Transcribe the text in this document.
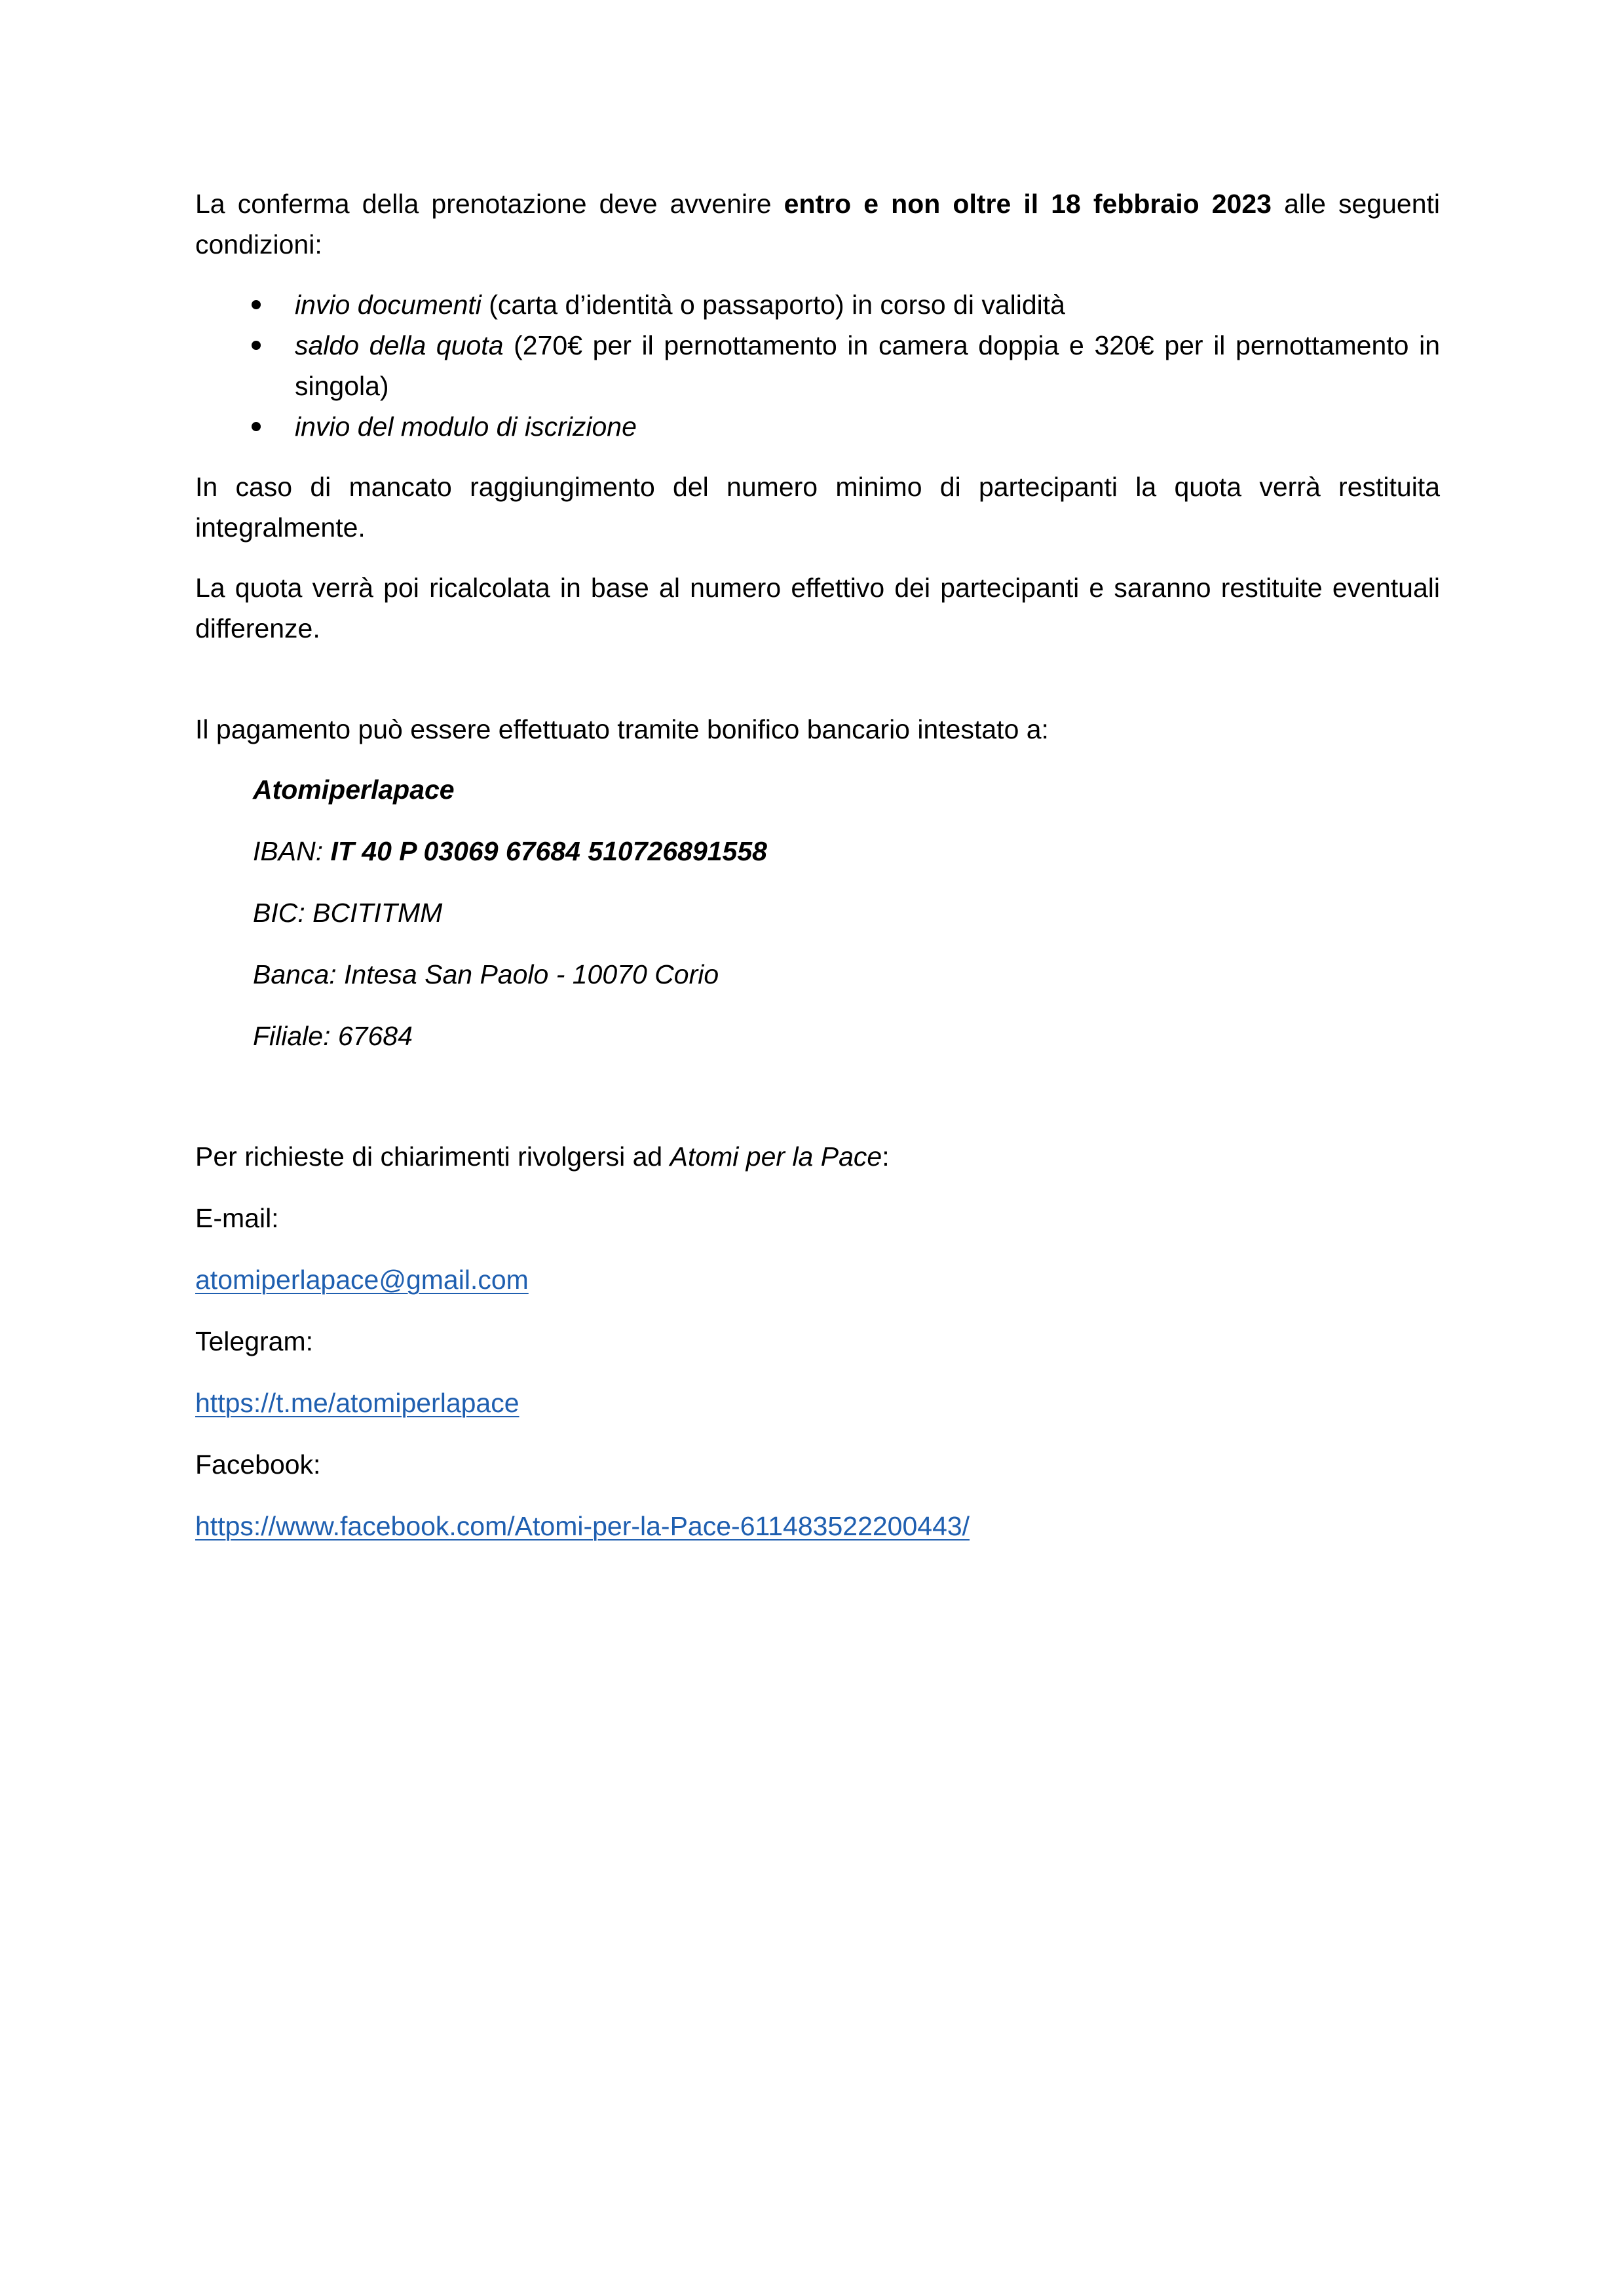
La conferma della prenotazione deve avvenire entro e non oltre il 18 febbraio 2023 alle seguenti condizioni:

invio documenti (carta d’identità o passaporto) in corso di validità
saldo della quota (270€ per il pernottamento in camera doppia e 320€ per il pernottamento in singola)
invio del modulo di iscrizione

In caso di mancato raggiungimento del numero minimo di partecipanti la quota verrà restituita integralmente.

La quota verrà poi ricalcolata in base al numero effettivo dei partecipanti e saranno restituite eventuali differenze.

Il pagamento può essere effettuato tramite bonifico bancario intestato a:

Atomiperlapace

IBAN: IT 40 P 03069 67684 510726891558

BIC: BCITITMM

Banca: Intesa San Paolo - 10070 Corio

Filiale: 67684

Per richieste di chiarimenti rivolgersi ad Atomi per la Pace:

E-mail:

atomiperlapace@gmail.com

Telegram:

https://t.me/atomiperlapace

Facebook:

https://www.facebook.com/Atomi-per-la-Pace-611483522200443/
